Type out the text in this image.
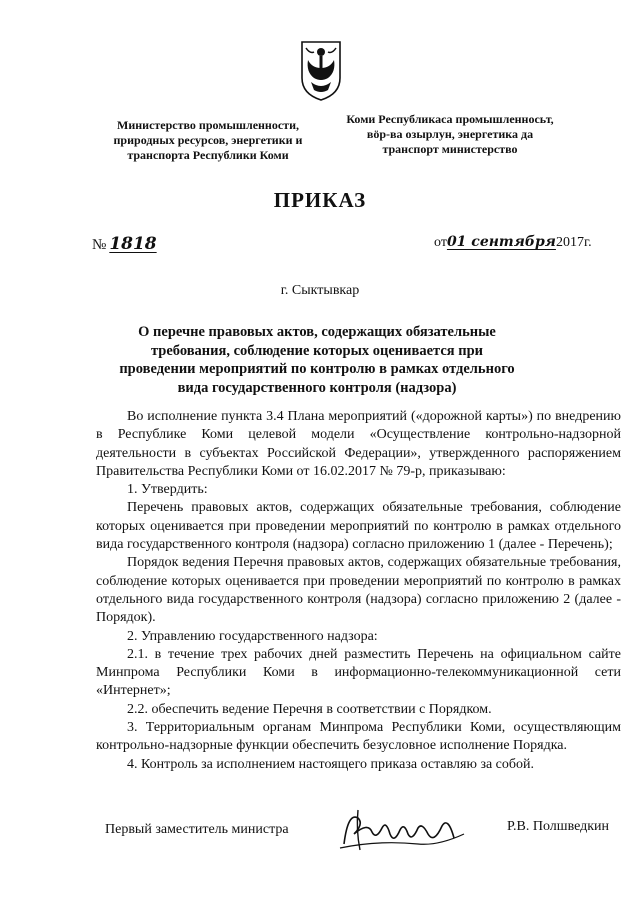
Министерство промышленности,
природных ресурсов, энергетики и
транспорта Республики Коми
Коми Республикаса промышленносьт,
вӧр-ва озырлун, энергетика да
транспорт министерство
ПРИКАЗ
№ 1818	от01 сентября2017г.
г. Сыктывкар
О перечне правовых актов, содержащих обязательные требования, соблюдение которых оценивается при проведении мероприятий по контролю в рамках отдельного вида государственного контроля (надзора)

Во исполнение пункта 3.4 Плана мероприятий («дорожной карты») по внедрению в Республике Коми целевой модели «Осуществление контрольно-надзорной деятельности в субъектах Российской Федерации», утвержденного распоряжением Правительства Республики Коми от 16.02.2017 № 79-р, приказываю:

1. Утвердить:

Перечень правовых актов, содержащих обязательные требования, соблюдение которых оценивается при проведении мероприятий по контролю в рамках отдельного вида государственного контроля (надзора) согласно приложению 1 (далее - Перечень);

Порядок ведения Перечня правовых актов, содержащих обязательные требования, соблюдение которых оценивается при проведении мероприятий по контролю в рамках отдельного вида государственного контроля (надзора) согласно приложению 2 (далее - Порядок).

2. Управлению государственного надзора:

2.1. в течение трех рабочих дней разместить Перечень на официальном сайте Минпрома Республики Коми в информационно-телекоммуникационной сети «Интернет»;

2.2. обеспечить ведение Перечня в соответствии с Порядком.

3. Территориальным органам Минпрома Республики Коми, осуществляющим контрольно-надзорные функции обеспечить безусловное исполнение Порядка.

4. Контроль за исполнением настоящего приказа оставляю за собой.

Первый заместитель министра	Р.В. Полшведкин
